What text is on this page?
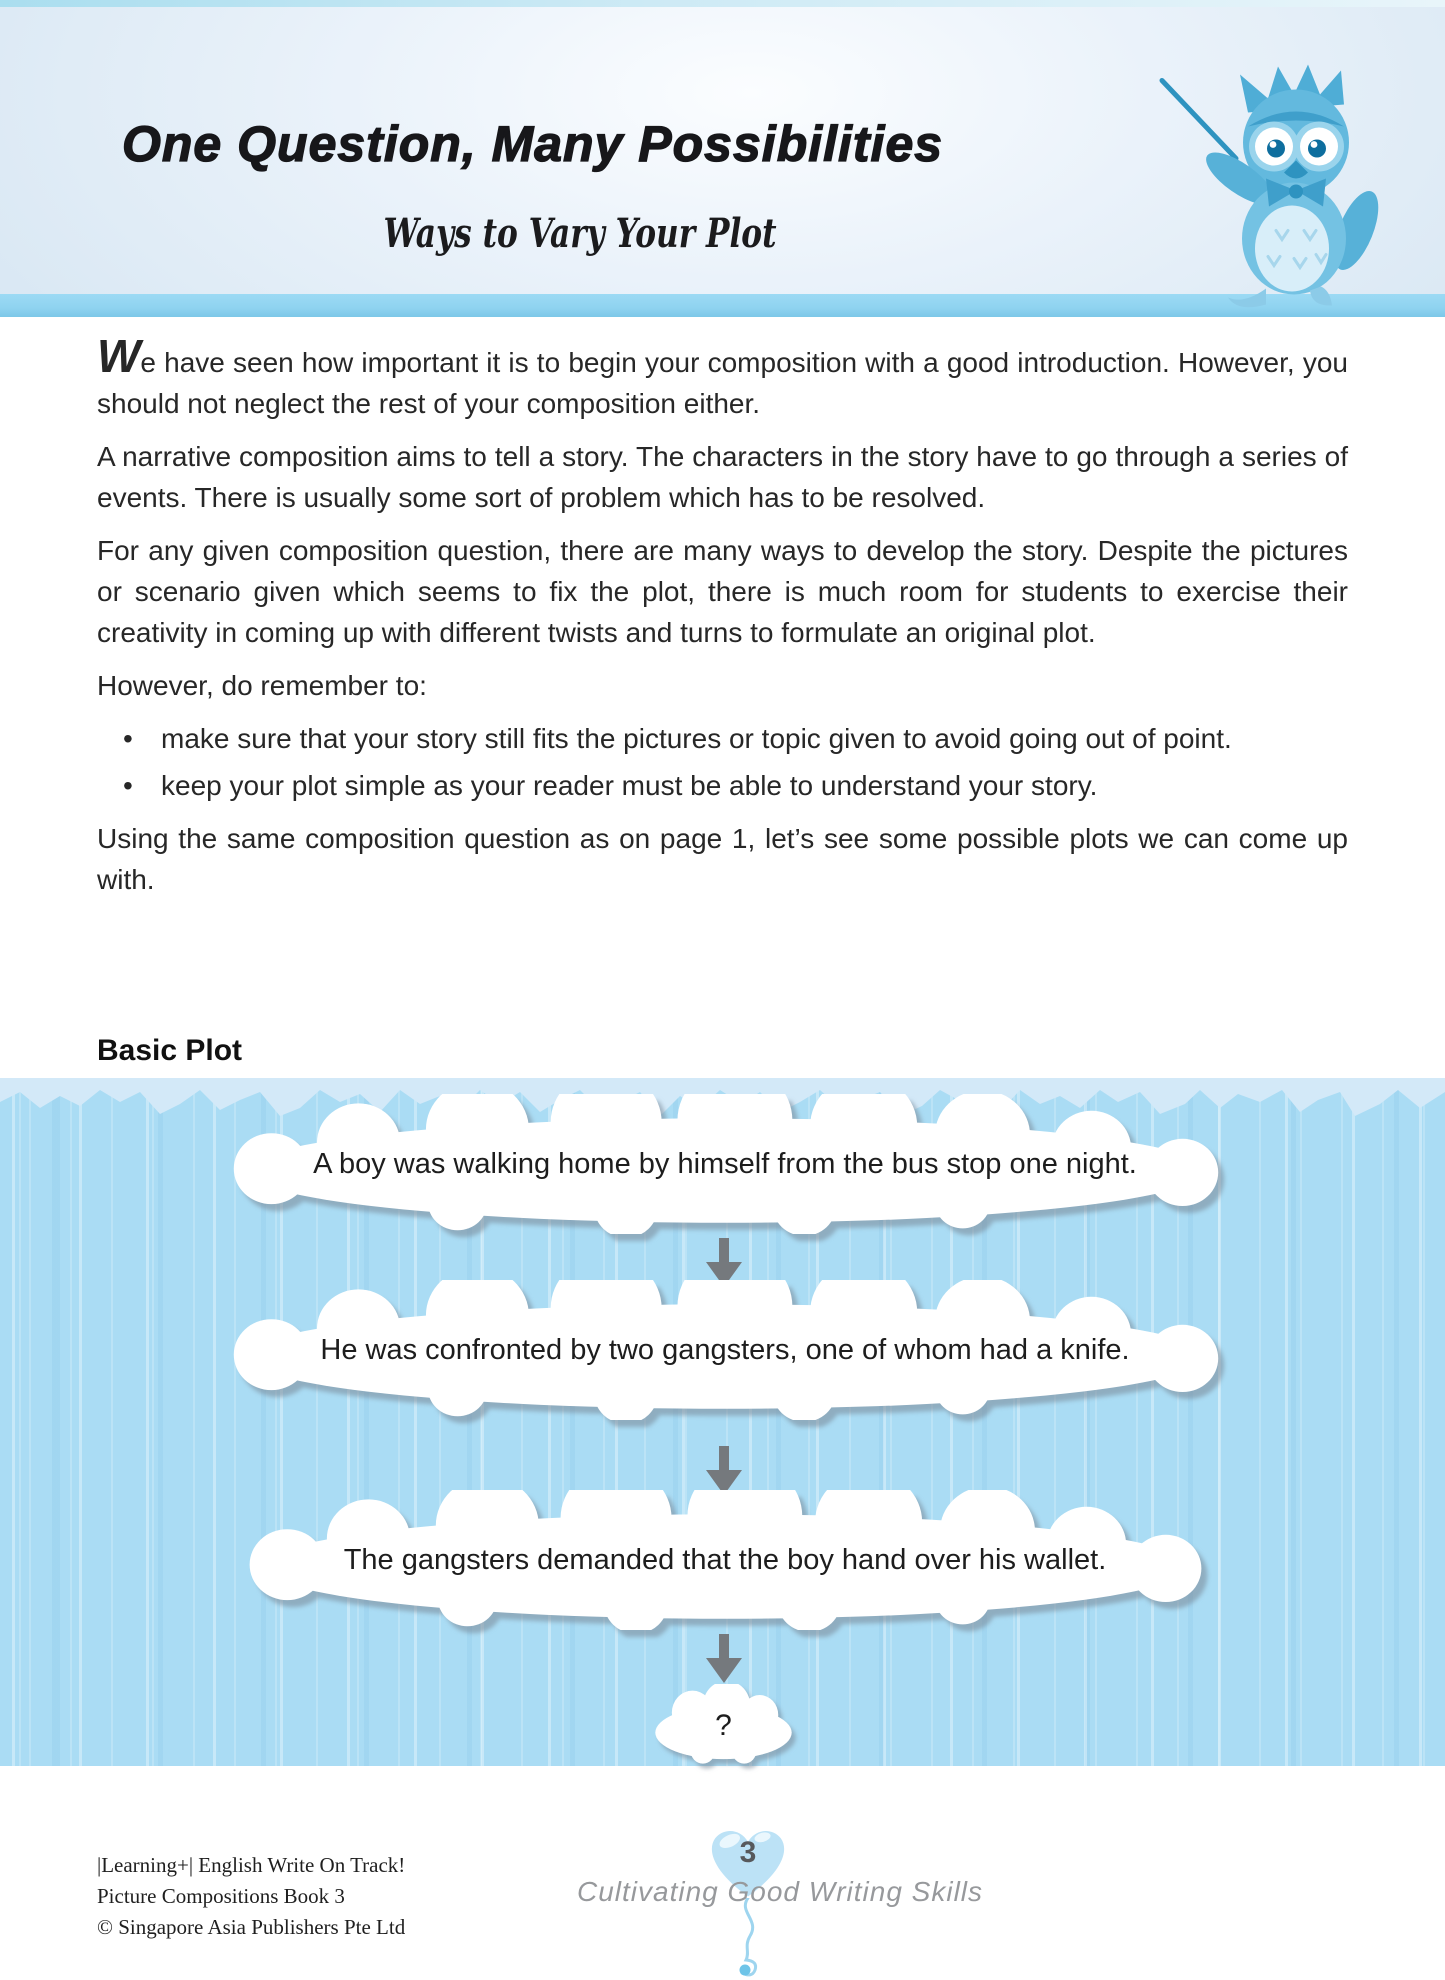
One Question, Many Possibilities
Ways to Vary Your Plot

We have seen how important it is to begin your composition with a good introduction. However, you should not neglect the rest of your composition either.

A narrative composition aims to tell a story. The characters in the story have to go through a series of events. There is usually some sort of problem which has to be resolved.

For any given composition question, there are many ways to develop the story. Despite the pictures or scenario given which seems to fix the plot, there is much room for students to exercise their creativity in coming up with different twists and turns to formulate an original plot.

However, do remember to:

• make sure that your story still fits the pictures or topic given to avoid going out of point.
• keep your plot simple as your reader must be able to understand your story.

Using the same composition question as on page 1, let’s see some possible plots we can come up with.

Basic Plot
A boy was walking home by himself from the bus stop one night.
He was confronted by two gangsters, one of whom had a knife.
The gangsters demanded that the boy hand over his wallet.
?
|Learning+| English Write On Track!
Picture Compositions Book 3
© Singapore Asia Publishers Pte Ltd
3
Cultivating Good Writing Skills
